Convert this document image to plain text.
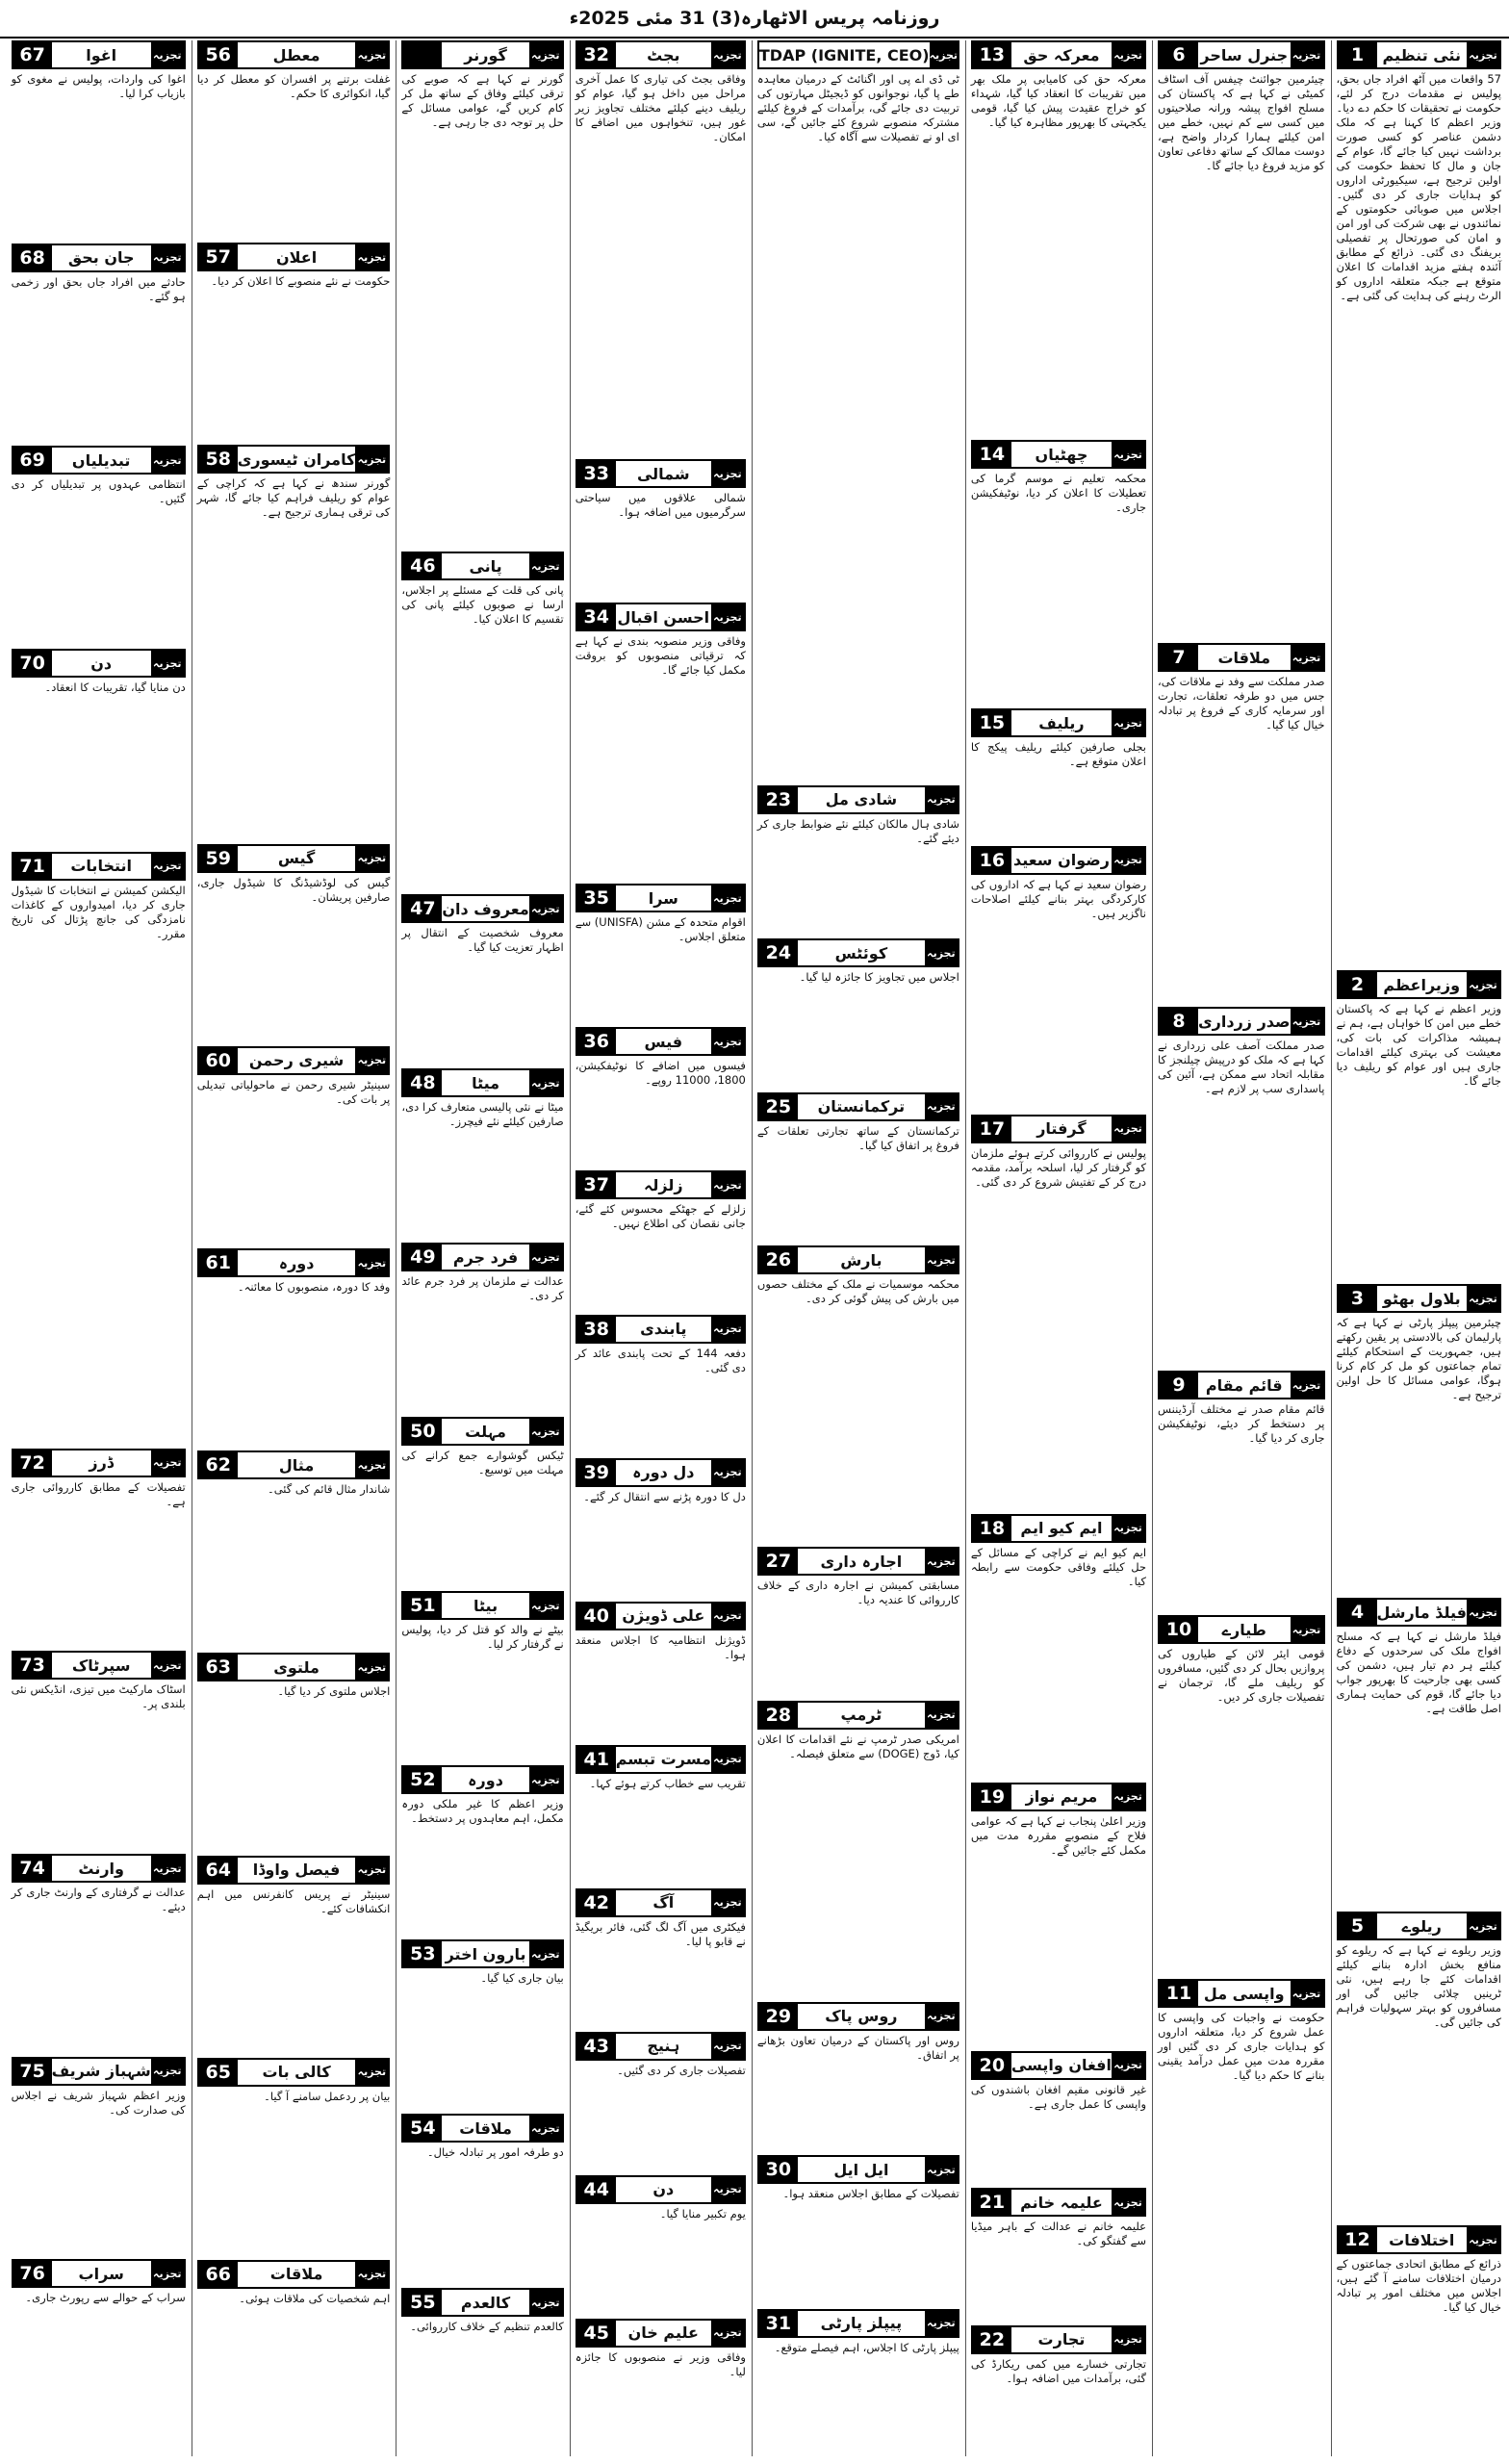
روزنامہ پریس الاٹھارہ(3) 31 مئی 2025ء
1	نئی تنظیم تجزیہ
57 واقعات میں آٹھ افراد جاں بحق، پولیس نے مقدمات درج کر لئے، حکومت نے تحقیقات کا حکم دے دیا۔ وزیر اعظم کا کہنا ہے کہ ملک دشمن عناصر کو کسی صورت برداشت نہیں کیا جائے گا، عوام کے جان و مال کا تحفظ حکومت کی اولین ترجیح ہے، سیکیورٹی اداروں کو ہدایات جاری کر دی گئیں۔ اجلاس میں صوبائی حکومتوں کے نمائندوں نے بھی شرکت کی اور امن و امان کی صورتحال پر تفصیلی بریفنگ دی گئی۔ ذرائع کے مطابق آئندہ ہفتے مزید اقدامات کا اعلان متوقع ہے جبکہ متعلقہ اداروں کو الرٹ رہنے کی ہدایت کی گئی ہے۔
2	وزیراعظم تجزیہ
وزیر اعظم نے کہا ہے کہ پاکستان خطے میں امن کا خواہاں ہے، ہم نے ہمیشہ مذاکرات کی بات کی، معیشت کی بہتری کیلئے اقدامات جاری ہیں اور عوام کو ریلیف دیا جائے گا۔
3	بلاول بھٹو تجزیہ
چیئرمین پیپلز پارٹی نے کہا ہے کہ پارلیمان کی بالادستی پر یقین رکھتے ہیں، جمہوریت کے استحکام کیلئے تمام جماعتوں کو مل کر کام کرنا ہوگا، عوامی مسائل کا حل اولین ترجیح ہے۔
4 فیلڈ مارشل تجزیہ
فیلڈ مارشل نے کہا ہے کہ مسلح افواج ملک کی سرحدوں کے دفاع کیلئے ہر دم تیار ہیں، دشمن کی کسی بھی جارحیت کا بھرپور جواب دیا جائے گا، قوم کی حمایت ہماری اصل طاقت ہے۔
5	ریلوے	تجزیہ
وزیر ریلوے نے کہا ہے کہ ریلوے کو منافع بخش ادارہ بنانے کیلئے اقدامات کئے جا رہے ہیں، نئی ٹرینیں چلائی جائیں گی اور مسافروں کو بہتر سہولیات فراہم کی جائیں گی۔
12	اختلافات	تجزیہ
ذرائع کے مطابق اتحادی جماعتوں کے درمیان اختلافات سامنے آ گئے ہیں، اجلاس میں مختلف امور پر تبادلہ خیال کیا گیا۔
6 جنرل ساحر تجزیہ
چیئرمین جوائنٹ چیفس آف اسٹاف کمیٹی نے کہا ہے کہ پاکستان کی مسلح افواج پیشہ ورانہ صلاحیتوں میں کسی سے کم نہیں، خطے میں امن کیلئے ہمارا کردار واضح ہے، دوست ممالک کے ساتھ دفاعی تعاون کو مزید فروغ دیا جائے گا۔
7	ملاقات	تجزیہ
صدر مملکت سے وفد نے ملاقات کی، جس میں دو طرفہ تعلقات، تجارت اور سرمایہ کاری کے فروغ پر تبادلہ خیال کیا گیا۔
8 صدر زرداری تجزیہ
صدر مملکت آصف علی زرداری نے کہا ہے کہ ملک کو درپیش چیلنجز کا مقابلہ اتحاد سے ممکن ہے، آئین کی پاسداری سب پر لازم ہے۔
9	قائم مقام تجزیہ
قائم مقام صدر نے مختلف آرڈیننس پر دستخط کر دیئے، نوٹیفکیشن جاری کر دیا گیا۔
10	طیارے	تجزیہ
قومی ایئر لائن کے طیاروں کی پروازیں بحال کر دی گئیں، مسافروں کو ریلیف ملے گا، ترجمان نے تفصیلات جاری کر دیں۔
11 واپسی مل تجزیہ
حکومت نے واجبات کی واپسی کا عمل شروع کر دیا، متعلقہ اداروں کو ہدایات جاری کر دی گئیں اور مقررہ مدت میں عمل درآمد یقینی بنانے کا حکم دیا گیا۔
13	معرکہ حق	تجزیہ
معرکہ حق کی کامیابی پر ملک بھر میں تقریبات کا انعقاد کیا گیا، شہداء کو خراج عقیدت پیش کیا گیا، قومی یکجہتی کا بھرپور مظاہرہ کیا گیا۔
14	چھٹیاں	تجزیہ
محکمہ تعلیم نے موسم گرما کی تعطیلات کا اعلان کر دیا، نوٹیفکیشن جاری۔
15	ریلیف	تجزیہ
بجلی صارفین کیلئے ریلیف پیکج کا اعلان متوقع ہے۔
16 رضوان سعید تجزیہ
رضوان سعید نے کہا ہے کہ اداروں کی کارکردگی بہتر بنانے کیلئے اصلاحات ناگزیر ہیں۔
17	گرفتار	تجزیہ
پولیس نے کارروائی کرتے ہوئے ملزمان کو گرفتار کر لیا، اسلحہ برآمد، مقدمہ درج کر کے تفتیش شروع کر دی گئی۔
18	ایم کیو ایم	تجزیہ
ایم کیو ایم نے کراچی کے مسائل کے حل کیلئے وفاقی حکومت سے رابطہ کیا۔
19	مریم نواز	تجزیہ
وزیر اعلیٰ پنجاب نے کہا ہے کہ عوامی فلاح کے منصوبے مقررہ مدت میں مکمل کئے جائیں گے۔
20 افغان واپسی تجزیہ
غیر قانونی مقیم افغان باشندوں کی واپسی کا عمل جاری ہے۔
21 علیمہ خانم	تجزیہ
علیمہ خانم نے عدالت کے باہر میڈیا سے گفتگو کی۔
22	تجارت	تجزیہ
تجارتی خسارے میں کمی ریکارڈ کی گئی، برآمدات میں اضافہ ہوا۔
TDAP (IGNITE, CEO) تجزیہ
ٹی ڈی اے پی اور اگنائٹ کے درمیان معاہدہ طے پا گیا، نوجوانوں کو ڈیجیٹل مہارتوں کی تربیت دی جائے گی، برآمدات کے فروغ کیلئے مشترکہ منصوبے شروع کئے جائیں گے، سی ای او نے تفصیلات سے آگاہ کیا۔
23	شادی مل	تجزیہ
شادی ہال مالکان کیلئے نئے ضوابط جاری کر دیئے گئے۔
24	کوئٹس	تجزیہ
اجلاس میں تجاویز کا جائزہ لیا گیا۔
25	ترکمانستان	تجزیہ
ترکمانستان کے ساتھ تجارتی تعلقات کے فروغ پر اتفاق کیا گیا۔
26	بارش	تجزیہ
محکمہ موسمیات نے ملک کے مختلف حصوں میں بارش کی پیش گوئی کر دی۔
27	اجارہ داری	تجزیہ
مسابقتی کمیشن نے اجارہ داری کے خلاف کارروائی کا عندیہ دیا۔
28	ٹرمپ	تجزیہ
امریکی صدر ٹرمپ نے نئے اقدامات کا اعلان کیا، ڈوج (DOGE) سے متعلق فیصلہ۔
29	روس پاک	تجزیہ
روس اور پاکستان کے درمیان تعاون بڑھانے پر اتفاق۔
30	ایل ایل	تجزیہ
تفصیلات کے مطابق اجلاس منعقد ہوا۔
31	پیپلز پارٹی	تجزیہ
پیپلز پارٹی کا اجلاس، اہم فیصلے متوقع۔
32	بجٹ	تجزیہ
وفاقی بجٹ کی تیاری کا عمل آخری مراحل میں داخل ہو گیا، عوام کو ریلیف دینے کیلئے مختلف تجاویز زیر غور ہیں، تنخواہوں میں اضافے کا امکان۔
33	شمالی	تجزیہ
شمالی علاقوں میں سیاحتی سرگرمیوں میں اضافہ ہوا۔
34 احسن اقبال تجزیہ
وفاقی وزیر منصوبہ بندی نے کہا ہے کہ ترقیاتی منصوبوں کو بروقت مکمل کیا جائے گا۔
35	سرا	تجزیہ
اقوام متحدہ کے مشن (UNISFA) سے متعلق اجلاس۔
36	فیس	تجزیہ
فیسوں میں اضافے کا نوٹیفکیشن، 1800، 11000 روپے۔
37	زلزلہ	تجزیہ
زلزلے کے جھٹکے محسوس کئے گئے، جانی نقصان کی اطلاع نہیں۔
38	پابندی	تجزیہ
دفعہ 144 کے تحت پابندی عائد کر دی گئی۔
39	دل دورہ	تجزیہ
دل کا دورہ پڑنے سے انتقال کر گئے۔
40 علی ڈویژن تجزیہ
ڈویژنل انتظامیہ کا اجلاس منعقد ہوا۔
41 مسرت تبسم تجزیہ
تقریب سے خطاب کرتے ہوئے کہا۔
42	آگ	تجزیہ
فیکٹری میں آگ لگ گئی، فائر بریگیڈ نے قابو پا لیا۔
43	ہنیج	تجزیہ
تفصیلات جاری کر دی گئیں۔
44	دن	تجزیہ
یوم تکبیر منایا گیا۔
45	علیم خان	تجزیہ
وفاقی وزیر نے منصوبوں کا جائزہ لیا۔
گورنر	تجزیہ
گورنر نے کہا ہے کہ صوبے کی ترقی کیلئے وفاق کے ساتھ مل کر کام کریں گے، عوامی مسائل کے حل پر توجہ دی جا رہی ہے۔
46	پانی	تجزیہ
پانی کی قلت کے مسئلے پر اجلاس، ارسا نے صوبوں کیلئے پانی کی تقسیم کا اعلان کیا۔
47 معروف دان تجزیہ
معروف شخصیت کے انتقال پر اظہار تعزیت کیا گیا۔
48	میٹا	تجزیہ
میٹا نے نئی پالیسی متعارف کرا دی، صارفین کیلئے نئے فیچرز۔
49	فرد جرم	تجزیہ
عدالت نے ملزمان پر فرد جرم عائد کر دی۔
50	مہلت	تجزیہ
ٹیکس گوشوارے جمع کرانے کی مہلت میں توسیع۔
51	بیٹا	تجزیہ
بیٹے نے والد کو قتل کر دیا، پولیس نے گرفتار کر لیا۔
52	دورہ	تجزیہ
وزیر اعظم کا غیر ملکی دورہ مکمل، اہم معاہدوں پر دستخط۔
53 بارون اختر تجزیہ
بیان جاری کیا گیا۔
54	ملاقات	تجزیہ
دو طرفہ امور پر تبادلہ خیال۔
55	کالعدم	تجزیہ
کالعدم تنظیم کے خلاف کارروائی۔
56	معطل	تجزیہ
غفلت برتنے پر افسران کو معطل کر دیا گیا، انکوائری کا حکم۔
57	اعلان	تجزیہ
حکومت نے نئے منصوبے کا اعلان کر دیا۔
58 کامران ٹیسوری تجزیہ
گورنر سندھ نے کہا ہے کہ کراچی کے عوام کو ریلیف فراہم کیا جائے گا، شہر کی ترقی ہماری ترجیح ہے۔
59	گیس	تجزیہ
گیس کی لوڈشیڈنگ کا شیڈول جاری، صارفین پریشان۔
60	شیری رحمن	تجزیہ
سینیٹر شیری رحمن نے ماحولیاتی تبدیلی پر بات کی۔
61	دورہ	تجزیہ
وفد کا دورہ، منصوبوں کا معائنہ۔
62	مثال	تجزیہ
شاندار مثال قائم کی گئی۔
63	ملتوی	تجزیہ
اجلاس ملتوی کر دیا گیا۔
64	فیصل واوڈا	تجزیہ
سینیٹر نے پریس کانفرنس میں اہم انکشافات کئے۔
65	کالی بات	تجزیہ
بیان پر ردعمل سامنے آ گیا۔
66	ملاقات	تجزیہ
اہم شخصیات کی ملاقات ہوئی۔
67	اغوا	تجزیہ
اغوا کی واردات، پولیس نے مغوی کو بازیاب کرا لیا۔
68	جان بحق	تجزیہ
حادثے میں افراد جاں بحق اور زخمی ہو گئے۔
69	تبدیلیاں	تجزیہ
انتظامی عہدوں پر تبدیلیاں کر دی گئیں۔
70	دن	تجزیہ
دن منایا گیا، تقریبات کا انعقاد۔
71	انتخابات	تجزیہ
الیکشن کمیشن نے انتخابات کا شیڈول جاری کر دیا، امیدواروں کے کاغذات نامزدگی کی جانچ پڑتال کی تاریخ مقرر۔
72	ڈرز	تجزیہ
تفصیلات کے مطابق کارروائی جاری ہے۔
73	سپرٹاک	تجزیہ
اسٹاک مارکیٹ میں تیزی، انڈیکس نئی بلندی پر۔
74	وارنٹ	تجزیہ
عدالت نے گرفتاری کے وارنٹ جاری کر دیئے۔
75 شہباز شریف تجزیہ
وزیر اعظم شہباز شریف نے اجلاس کی صدارت کی۔
76	سراب	تجزیہ
سراب کے حوالے سے رپورٹ جاری۔
